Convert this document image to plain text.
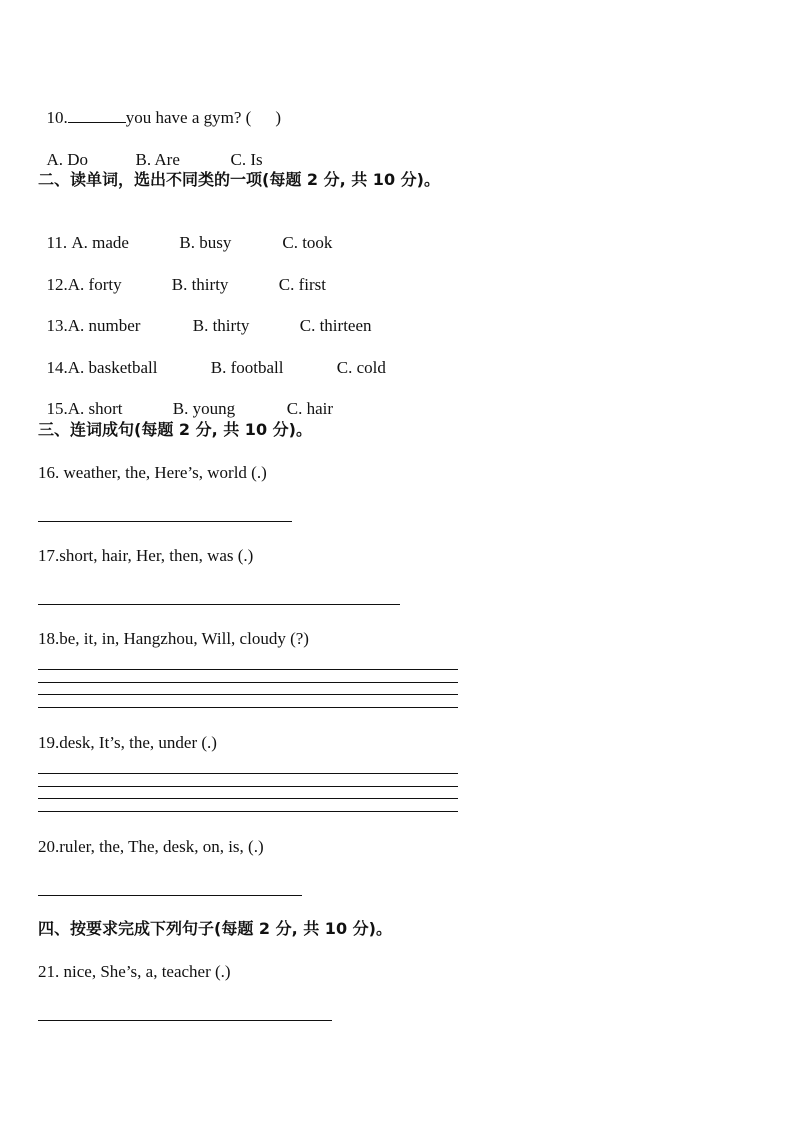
10.	you have a gym? ( )

A. Do	B. Are	C. Is

二、读单词，选出不同类的一项(每题 2 分, 共 10 分)。

11. A. made	B. busy	C. took

12.A. forty	B. thirty	C. first

13.A. number	B. thirty	C. thirteen

14.A. basketball	B. football	C. cold

15.A. short	B. young	C. hair

三、连词成句(每题 2 分, 共 10 分)。
16. weather, the, Here’s, world (.)
17.short, hair, Her, then, was (.)
18.be, it, in, Hangzhou, Will, cloudy (?)
19.desk, It’s, the, under (.)
20.ruler, the, The, desk, on, is, (.)
四、按要求完成下列句子(每题 2 分, 共 10 分)。
21. nice, She’s, a, teacher (.)
